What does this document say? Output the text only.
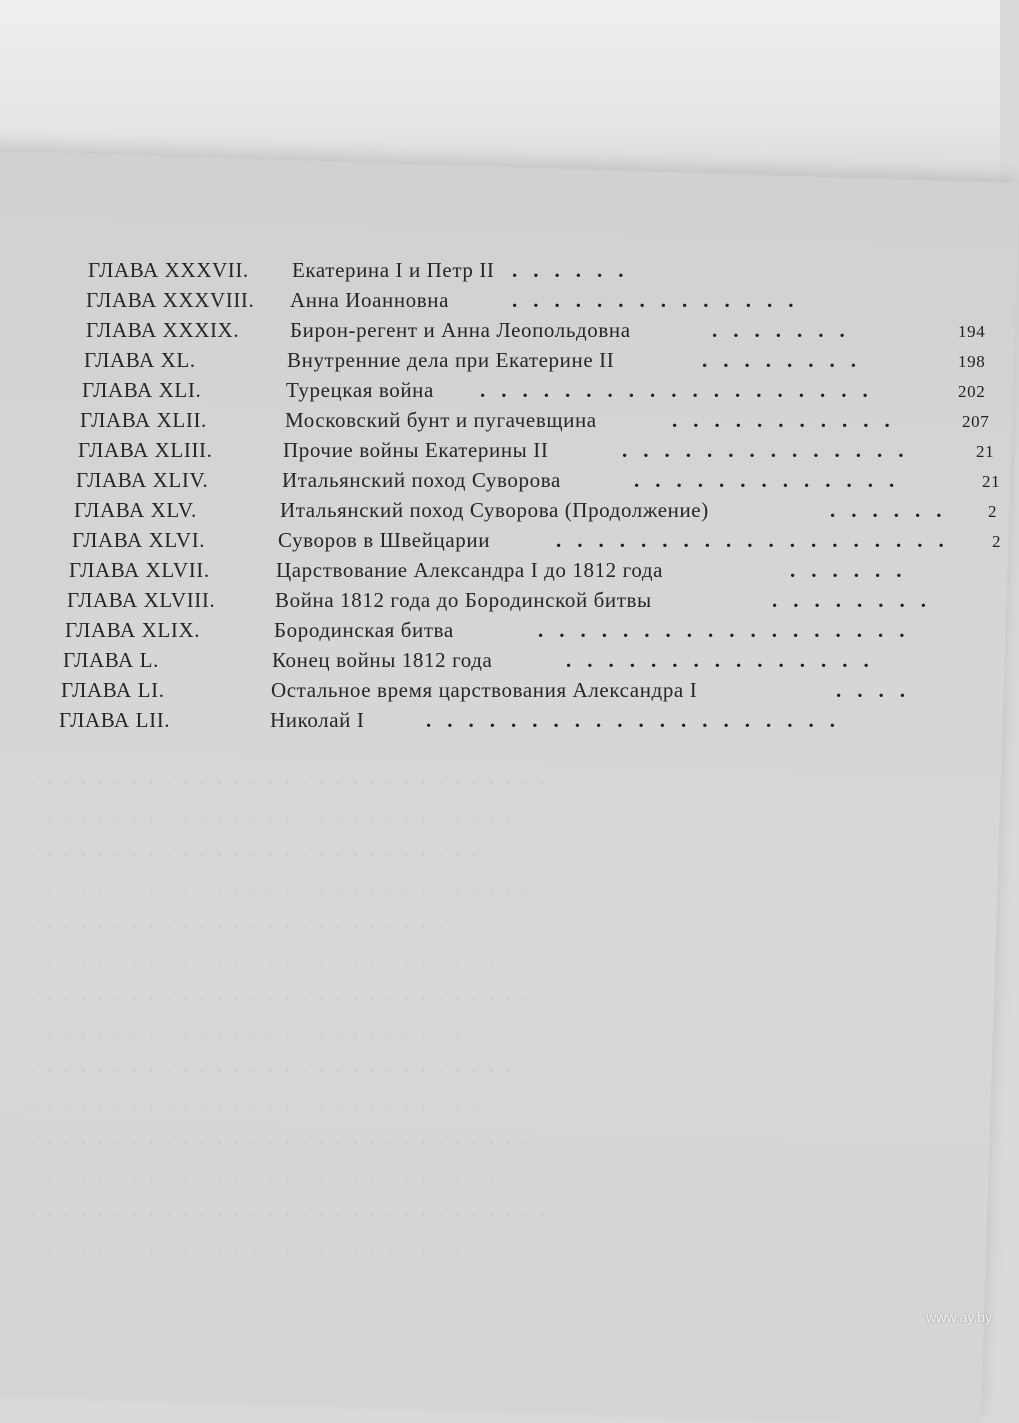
. . . . . . . . . . . . . . . . . . . . . . . . . . . . . . .
. . . . . . . . . . . . . . . . . . . . . . . . . . . . .
. . . . . . . . . . . . . . . . . . . . . . . . . . .
. . . . . . . . . . . . . . . . . . . . . . . . . . . . . .
. . . . . . . . . . . . . . . . . . . . . . . . .
. . . . . . . . . . . . . . . . . . . . . . . . . . . .
. . . . . . . . . . . . . . . . . . . . . . . . . . . . . .
. . . . . . . . . . . . . . . . . . . . . . . . . .
. . . . . . . . . . . . . . . . . . . . . . . . . . . . .
. . . . . . . . . . . . . . . . . . . . . . . . . . .
. . . . . . . . . . . . . . . . . . . . . . . . . . . . . .
. . . . . . . . . . . . . . . . . . . . . . . . . . . .
. . . . . . . . . . . . . . . . . . . . . . . . . . . . . . .
. . . . . . . . . . . . . . . . . . . . . . . . . . .
ГЛАВА XXXVII. Екатерина I и Петр II ......
ГЛАВА XXXVIII. Анна Иоанновна	..............
ГЛАВА XXXIX. Бирон-регент и Анна Леопольдовна	.......	194
ГЛАВА XL.	Внутренние дела при Екатерине II	........	198
ГЛАВА XLI.	Турецкая война ...................	202
ГЛАВА XLII.	Московский бунт и пугачевщина	...........	207
ГЛАВА XLIII.	Прочие войны Екатерины II	..............	21
ГЛАВА XLIV.	Итальянский поход Суворова	.............	21
ГЛАВА XLV.	Итальянский поход Суворова (Продолжение)	...... 2
ГЛАВА XLVI.	Суворов в Швейцарии	................... 2
ГЛАВА XLVII.	Царствование Александра I до 1812 года	......
ГЛАВА XLVIII.	Война 1812 года до Бородинской битвы	........
ГЛАВА XLIX.	Бородинская битва	..................
ГЛАВА L.	Конец войны 1812 года	...............
ГЛАВА LI.	Остальное время царствования Александра I	....
ГЛАВА LII.	Николай I	....................
www.ay.by
